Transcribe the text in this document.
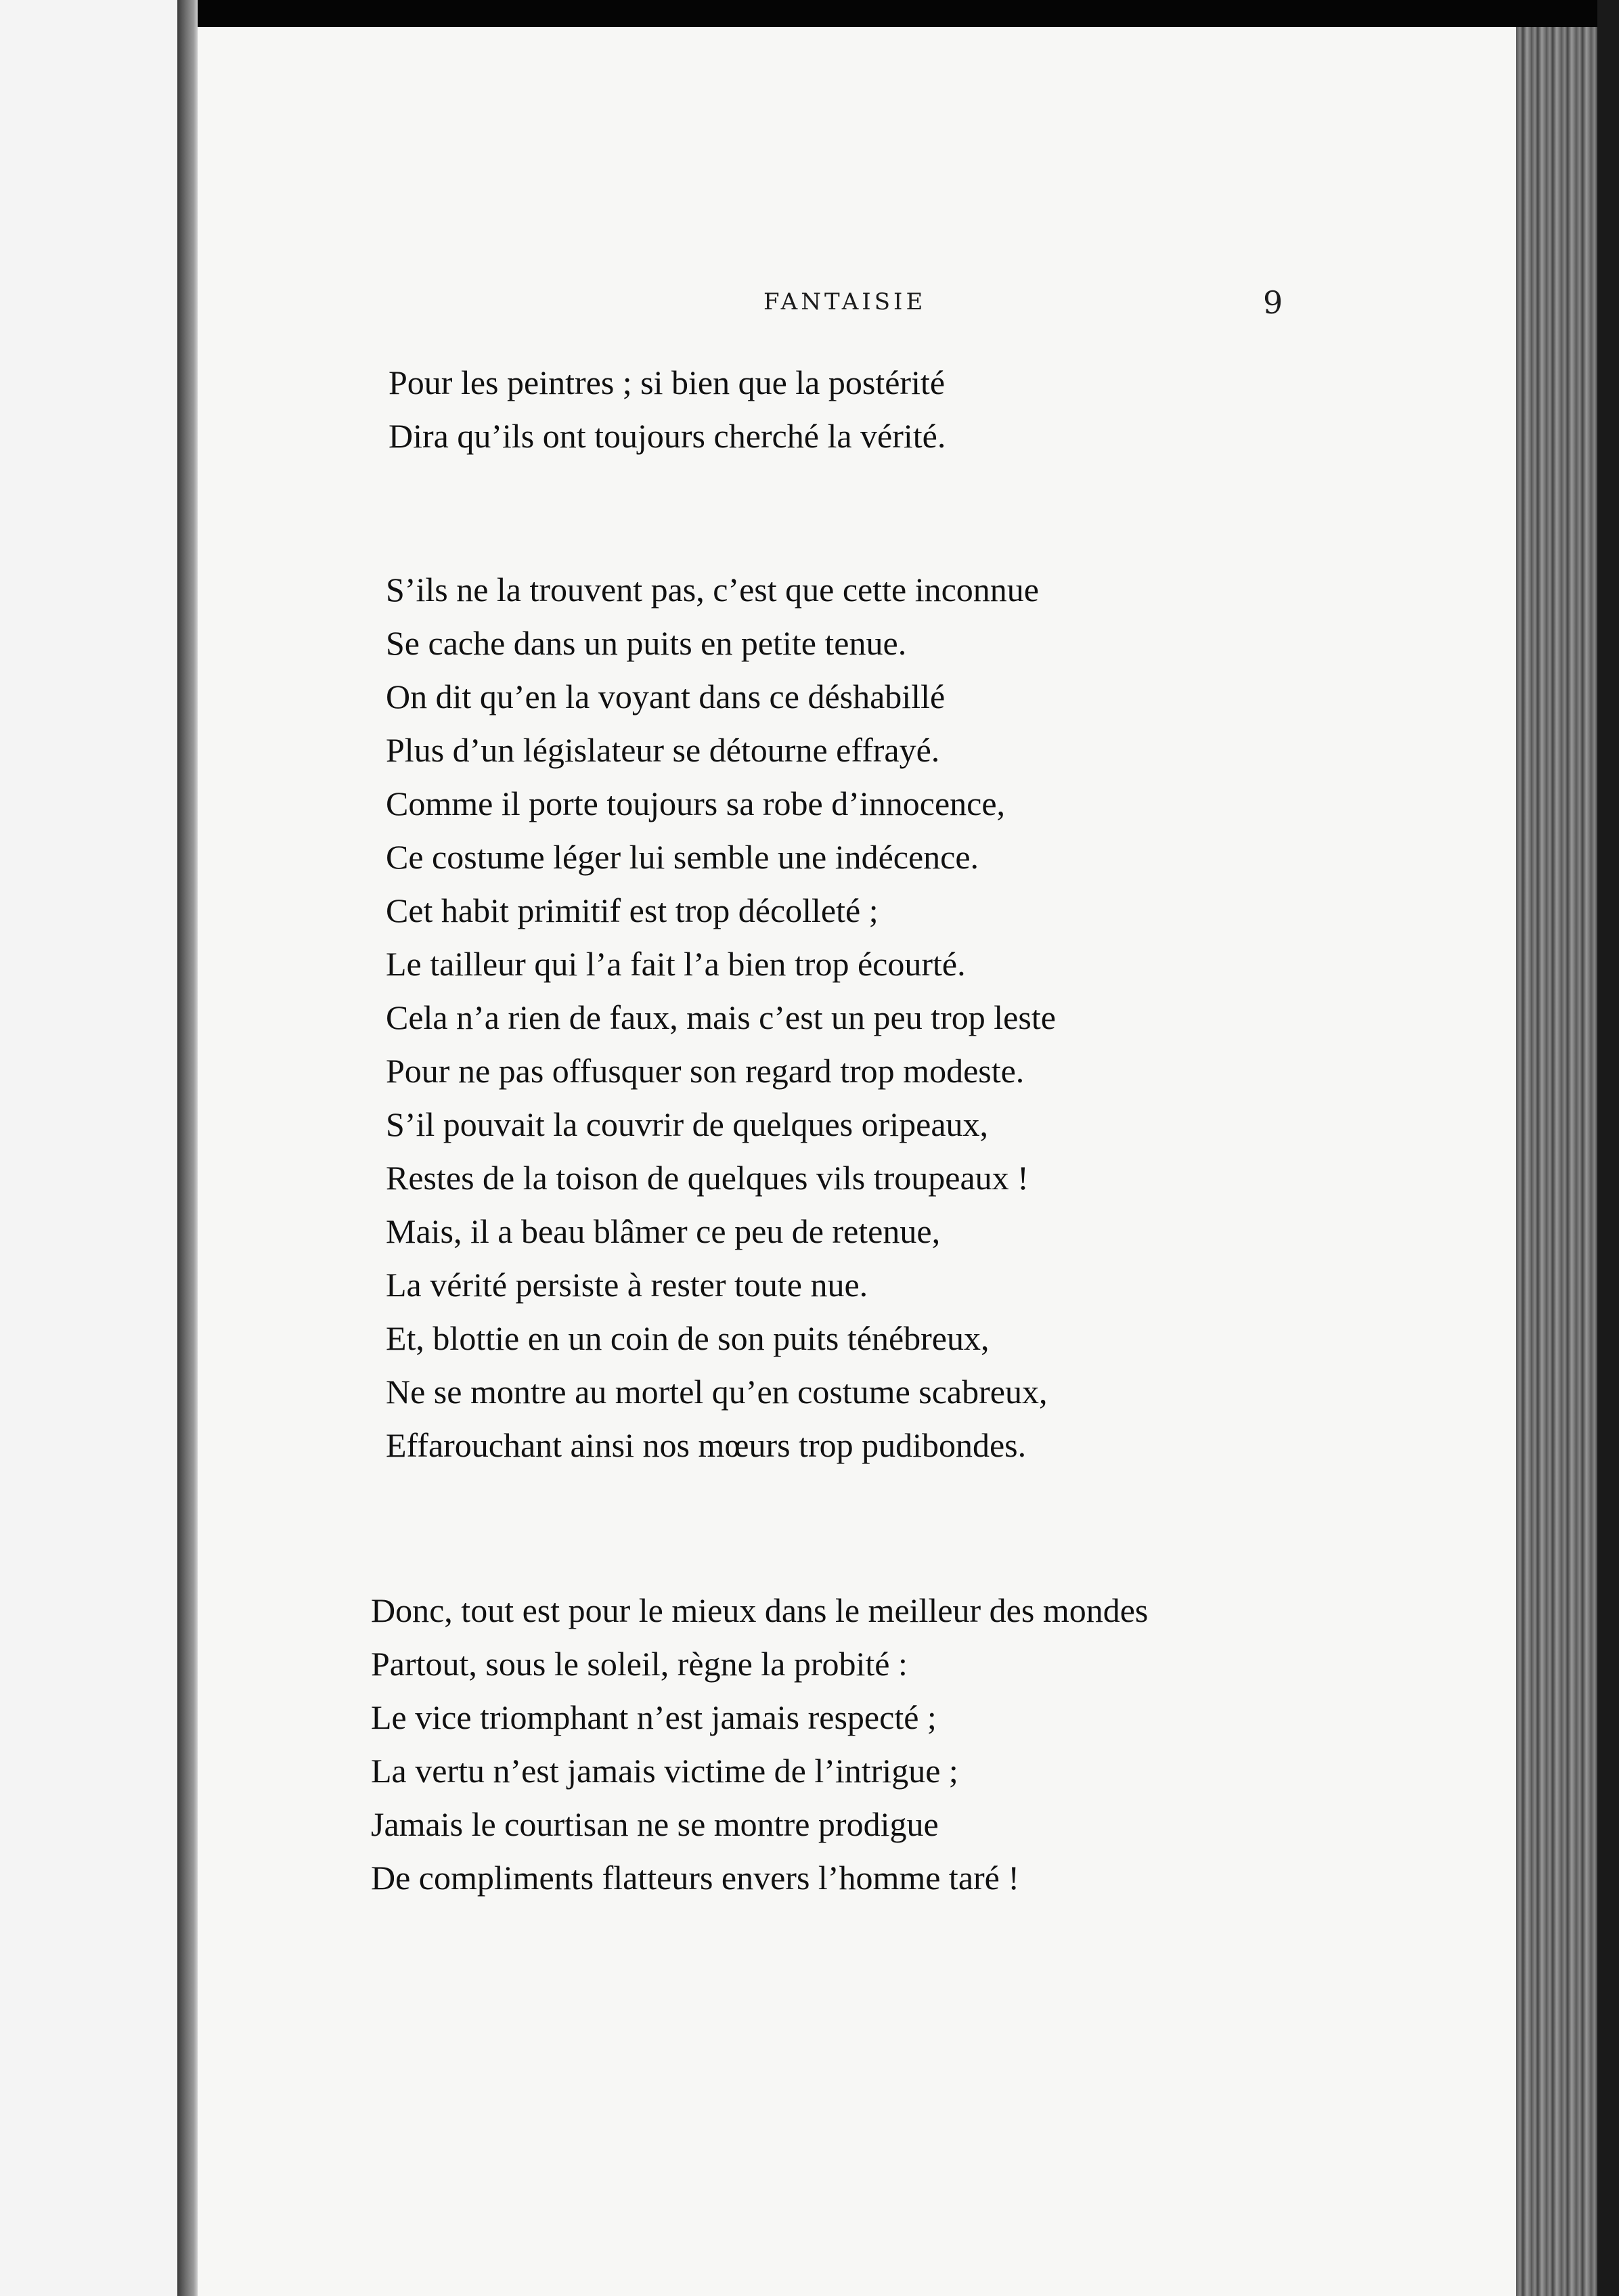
FANTAISIE	9
Pour les peintres ; si bien que la postérité
Dira qu’ils ont toujours cherché la vérité.
S’ils ne la trouvent pas, c’est que cette inconnue
Se cache dans un puits en petite tenue.
On dit qu’en la voyant dans ce déshabillé
Plus d’un législateur se détourne effrayé.
Comme il porte toujours sa robe d’innocence,
Ce costume léger lui semble une indécence.
Cet habit primitif est trop décolleté ;
Le tailleur qui l’a fait l’a bien trop écourté.
Cela n’a rien de faux, mais c’est un peu trop leste
Pour ne pas offusquer son regard trop modeste.
S’il pouvait la couvrir de quelques oripeaux,
Restes de la toison de quelques vils troupeaux !
Mais, il a beau blâmer ce peu de retenue,
La vérité persiste à rester toute nue.
Et, blottie en un coin de son puits ténébreux,
Ne se montre au mortel qu’en costume scabreux,
Effarouchant ainsi nos mœurs trop pudibondes.
Donc, tout est pour le mieux dans le meilleur des mondes
Partout, sous le soleil, règne la probité :
Le vice triomphant n’est jamais respecté ;
La vertu n’est jamais victime de l’intrigue ;
Jamais le courtisan ne se montre prodigue
De compliments flatteurs envers l’homme taré !
